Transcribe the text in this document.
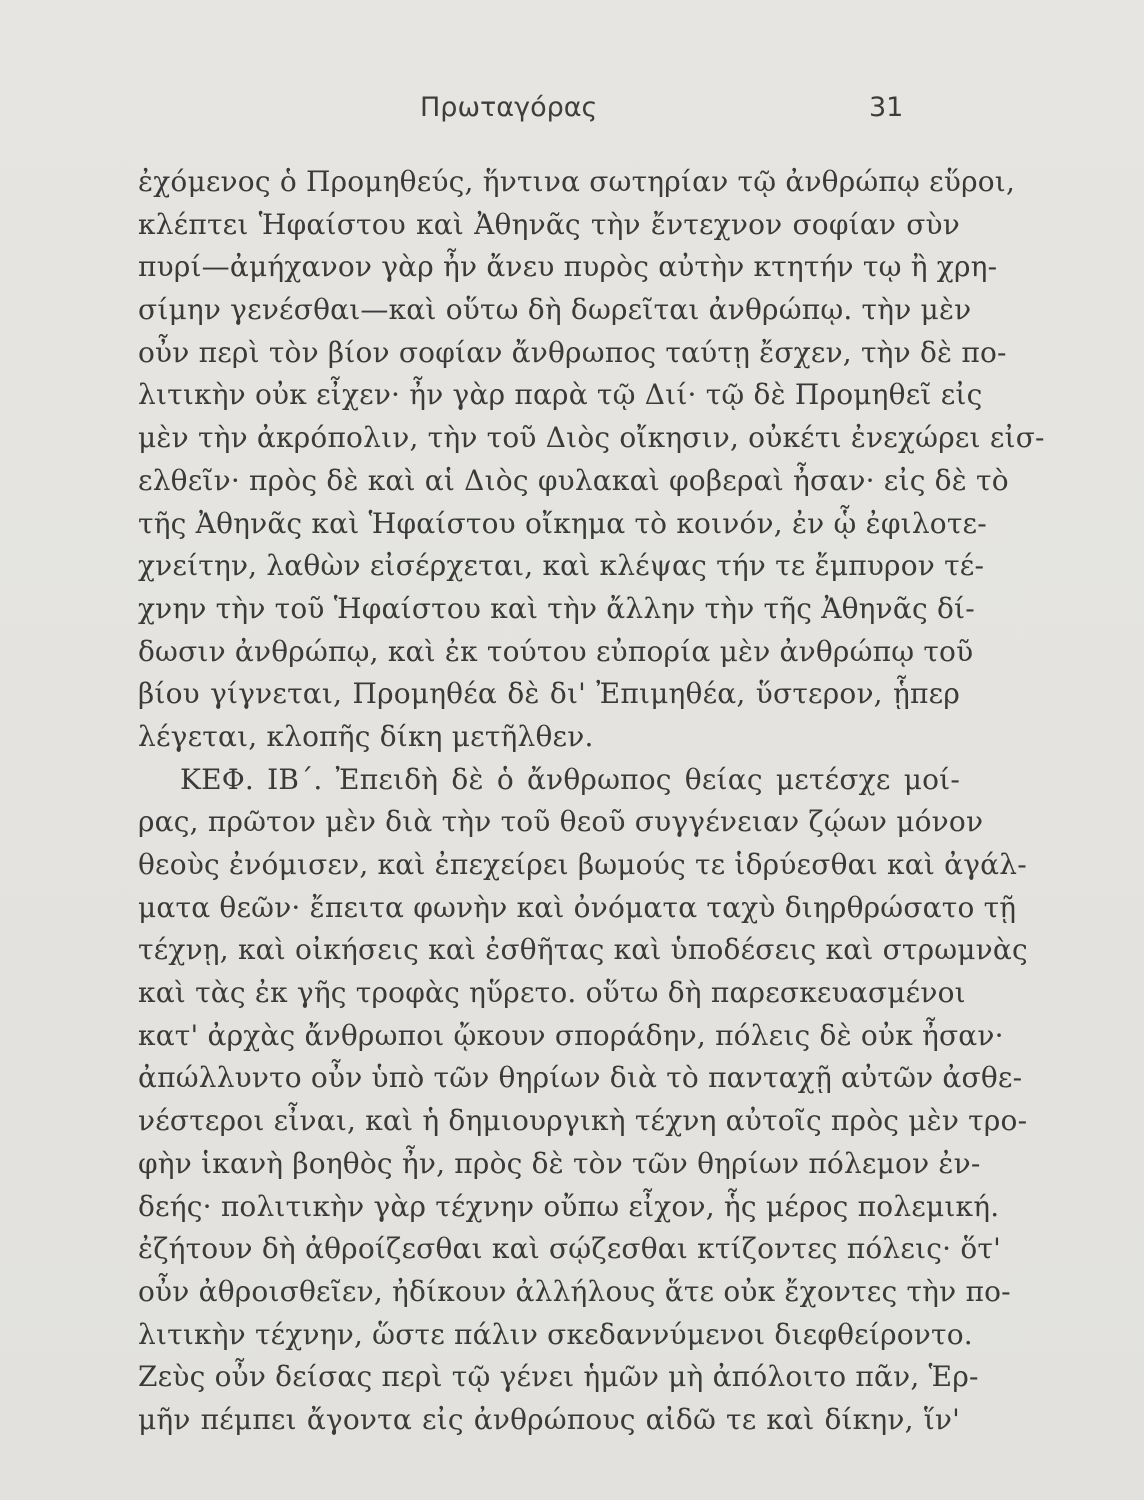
Πρωταγόρας	31
ἐχόμενος ὁ Προμηθεύς, ἥντινα σωτηρίαν τῷ ἀνθρώπῳ εὕροι,
κλέπτει Ἡφαίστου καὶ Ἀθηνᾶς τὴν ἔντεχνον σοφίαν σὺν
πυρί—ἀμήχανον γὰρ ἦν ἄνευ πυρὸς αὐτὴν κτητήν τῳ ἢ χρη-
σίμην γενέσθαι—καὶ οὕτω δὴ δωρεῖται ἀνθρώπῳ. τὴν μὲν
οὖν περὶ τὸν βίον σοφίαν ἄνθρωπος ταύτῃ ἔσχεν, τὴν δὲ πο-
λιτικὴν οὐκ εἶχεν· ἦν γὰρ παρὰ τῷ Διί· τῷ δὲ Προμηθεῖ εἰς
μὲν τὴν ἀκρόπολιν, τὴν τοῦ Διὸς οἴκησιν, οὐκέτι ἐνεχώρει εἰσ-
ελθεῖν· πρὸς δὲ καὶ αἱ Διὸς φυλακαὶ φοβεραὶ ἦσαν· εἰς δὲ τὸ
τῆς Ἀθηνᾶς καὶ Ἡφαίστου οἴκημα τὸ κοινόν, ἐν ᾧ ἐφιλοτε-
χνείτην, λαθὼν εἰσέρχεται, καὶ κλέψας τήν τε ἔμπυρον τέ-
χνην τὴν τοῦ Ἡφαίστου καὶ τὴν ἄλλην τὴν τῆς Ἀθηνᾶς δί-
δωσιν ἀνθρώπῳ, καὶ ἐκ τούτου εὐπορία μὲν ἀνθρώπῳ τοῦ
βίου γίγνεται, Προμηθέα δὲ δι' Ἐπιμηθέα, ὕστερον, ᾗπερ
λέγεται, κλοπῆς δίκη μετῆλθεν.
ΚΕΦ. ΙΒ΄. Ἐπειδὴ δὲ ὁ ἄνθρωπος θείας μετέσχε μοί-
ρας, πρῶτον μὲν διὰ τὴν τοῦ θεοῦ συγγένειαν ζῴων μόνον
θεοὺς ἐνόμισεν, καὶ ἐπεχείρει βωμούς τε ἱδρύεσθαι καὶ ἀγάλ-
ματα θεῶν· ἔπειτα φωνὴν καὶ ὀνόματα ταχὺ διηρθρώσατο τῇ
τέχνῃ, καὶ οἰκήσεις καὶ ἐσθῆτας καὶ ὑποδέσεις καὶ στρωμνὰς
καὶ τὰς ἐκ γῆς τροφὰς ηὕρετο. οὕτω δὴ παρεσκευασμένοι
κατ' ἀρχὰς ἄνθρωποι ᾤκουν σποράδην, πόλεις δὲ οὐκ ἦσαν·
ἀπώλλυντο οὖν ὑπὸ τῶν θηρίων διὰ τὸ πανταχῇ αὐτῶν ἀσθε-
νέστεροι εἶναι, καὶ ἡ δημιουργικὴ τέχνη αὐτοῖς πρὸς μὲν τρο-
φὴν ἱκανὴ βοηθὸς ἦν, πρὸς δὲ τὸν τῶν θηρίων πόλεμον ἐν-
δεής· πολιτικὴν γὰρ τέχνην οὔπω εἶχον, ἧς μέρος πολεμική.
ἐζήτουν δὴ ἀθροίζεσθαι καὶ σῴζεσθαι κτίζοντες πόλεις· ὅτ'
οὖν ἀθροισθεῖεν, ἠδίκουν ἀλλήλους ἅτε οὐκ ἔχοντες τὴν πο-
λιτικὴν τέχνην, ὥστε πάλιν σκεδαννύμενοι διεφθείροντο.
Ζεὺς οὖν δείσας περὶ τῷ γένει ἡμῶν μὴ ἀπόλοιτο πᾶν, Ἑρ-
μῆν πέμπει ἄγοντα εἰς ἀνθρώπους αἰδῶ τε καὶ δίκην, ἵν'
